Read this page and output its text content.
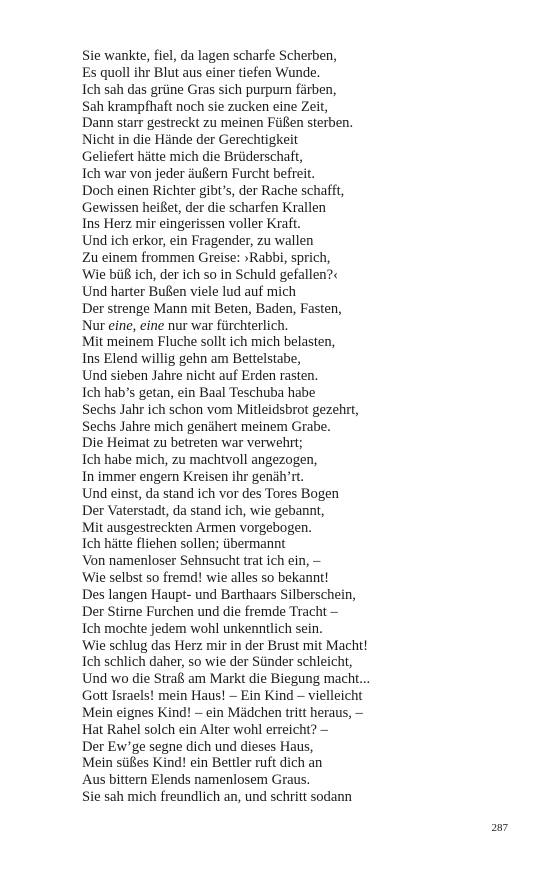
Sie wankte, fiel, da lagen scharfe Scherben,
Es quoll ihr Blut aus einer tiefen Wunde.
Ich sah das grüne Gras sich purpurn färben,
Sah krampfhaft noch sie zucken eine Zeit,
Dann starr gestreckt zu meinen Füßen sterben.
Nicht in die Hände der Gerechtigkeit
Geliefert hätte mich die Brüderschaft,
Ich war von jeder äußern Furcht befreit.
Doch einen Richter gibt’s, der Rache schafft,
Gewissen heißet, der die scharfen Krallen
Ins Herz mir eingerissen voller Kraft.
Und ich erkor, ein Fragender, zu wallen
Zu einem frommen Greise: ›Rabbi, sprich,
Wie büß ich, der ich so in Schuld gefallen?‹
Und harter Bußen viele lud auf mich
Der strenge Mann mit Beten, Baden, Fasten,
Nur eine, eine nur war fürchterlich.
Mit meinem Fluche sollt ich mich belasten,
Ins Elend willig gehn am Bettelstabe,
Und sieben Jahre nicht auf Erden rasten.
Ich hab’s getan, ein Baal Teschuba habe
Sechs Jahr ich schon vom Mitleidsbrot gezehrt,
Sechs Jahre mich genähert meinem Grabe.
Die Heimat zu betreten war verwehrt;
Ich habe mich, zu machtvoll angezogen,
In immer engern Kreisen ihr genäh’rt.
Und einst, da stand ich vor des Tores Bogen
Der Vaterstadt, da stand ich, wie gebannt,
Mit ausgestreckten Armen vorgebogen.
Ich hätte fliehen sollen; übermannt
Von namenloser Sehnsucht trat ich ein, –
Wie selbst so fremd! wie alles so bekannt!
Des langen Haupt- und Barthaars Silberschein,
Der Stirne Furchen und die fremde Tracht –
Ich mochte jedem wohl unkenntlich sein.
Wie schlug das Herz mir in der Brust mit Macht!
Ich schlich daher, so wie der Sünder schleicht,
Und wo die Straß am Markt die Biegung macht...
Gott Israels! mein Haus! – Ein Kind – vielleicht
Mein eignes Kind! – ein Mädchen tritt heraus, –
Hat Rahel solch ein Alter wohl erreicht? –
Der Ew’ge segne dich und dieses Haus,
Mein süßes Kind! ein Bettler ruft dich an
Aus bittern Elends namenlosem Graus.
Sie sah mich freundlich an, und schritt sodann
287
